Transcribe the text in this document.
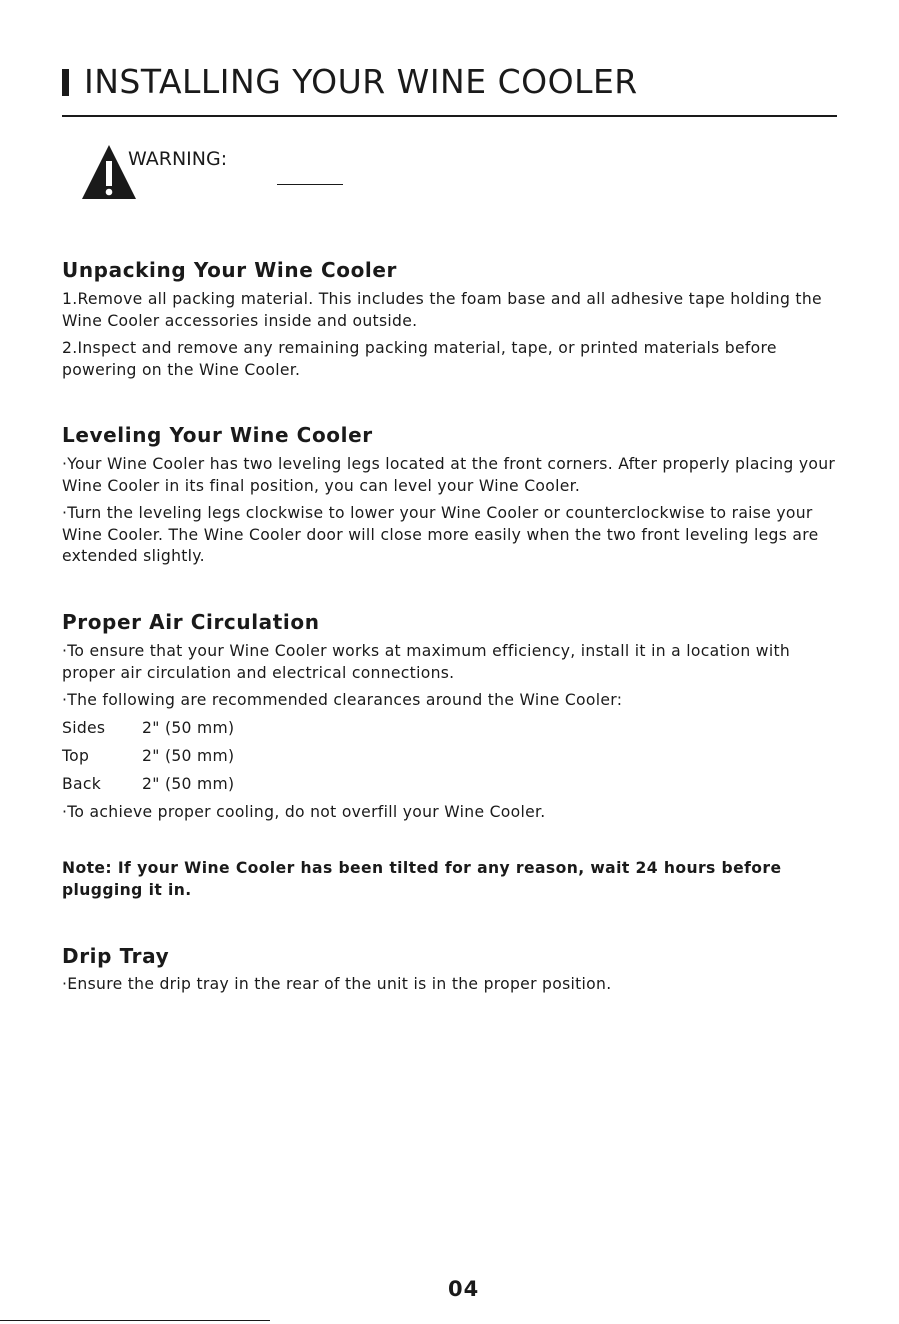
INSTALLING YOUR WINE COOLER
WARNING:
Unpacking Your Wine Cooler
1.Remove all packing material. This includes the foam base and all adhesive tape holding the Wine Cooler accessories inside and outside.
2.Inspect and remove any remaining packing material, tape, or printed materials before powering on the Wine Cooler.
Leveling Your Wine Cooler
·Your Wine Cooler has two leveling legs located at the front corners. After properly placing your Wine Cooler in its final position, you can level your Wine Cooler.
·Turn the leveling legs clockwise to lower your Wine Cooler or counterclockwise to raise your Wine Cooler. The Wine Cooler door will close more easily when the two front leveling legs are extended slightly.
Proper Air Circulation
·To ensure that your Wine Cooler works at maximum efficiency, install it in a location with proper air circulation and electrical connections.
·The following are recommended clearances around the Wine Cooler:
Sides 2" (50 mm)
Top	2" (50 mm)
Back	2" (50 mm)
·To achieve proper cooling, do not overfill your Wine Cooler.
Note: If your Wine Cooler has been tilted for any reason, wait 24 hours before plugging it in.
Drip Tray
·Ensure the drip tray in the rear of the unit is in the proper position.
04
